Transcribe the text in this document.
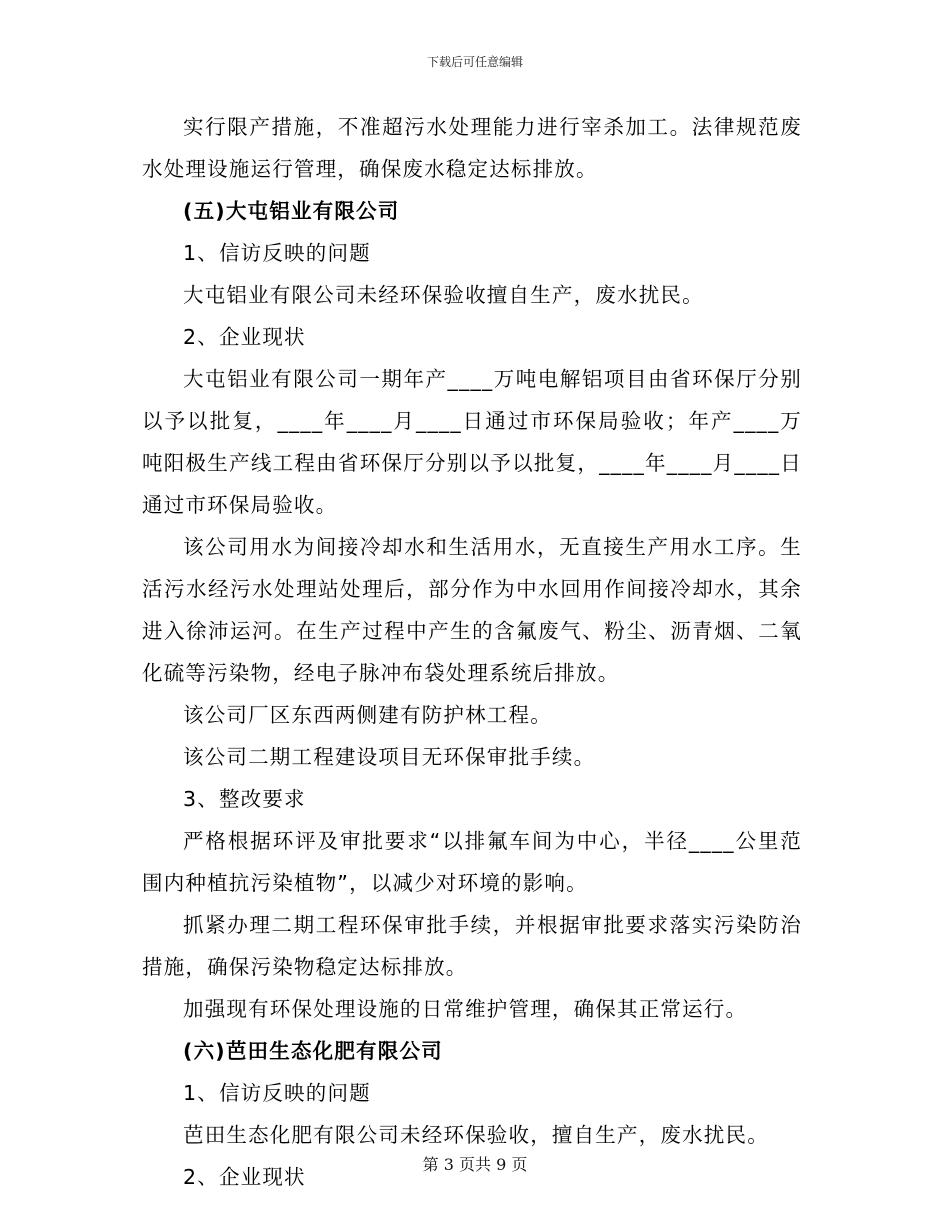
下载后可任意编辑

实行限产措施，不准超污水处理能力进行宰杀加工。法律规范废水处理设施运行管理，确保废水稳定达标排放。

(五)大屯铝业有限公司

1、信访反映的问题

大屯铝业有限公司未经环保验收擅自生产，废水扰民。

2、企业现状

大屯铝业有限公司一期年产____万吨电解铝项目由省环保厅分别以予以批复，____年____月____日通过市环保局验收；年产____万吨阳极生产线工程由省环保厅分别以予以批复，____年____月____日通过市环保局验收。

该公司用水为间接冷却水和生活用水，无直接生产用水工序。生活污水经污水处理站处理后，部分作为中水回用作间接冷却水，其余进入徐沛运河。在生产过程中产生的含氟废气、粉尘、沥青烟、二氧化硫等污染物，经电子脉冲布袋处理系统后排放。

该公司厂区东西两侧建有防护林工程。

该公司二期工程建设项目无环保审批手续。

3、整改要求

严格根据环评及审批要求“以排氟车间为中心，半径____公里范围内种植抗污染植物”，以减少对环境的影响。

抓紧办理二期工程环保审批手续，并根据审批要求落实污染防治措施，确保污染物稳定达标排放。

加强现有环保处理设施的日常维护管理，确保其正常运行。

(六)芭田生态化肥有限公司

1、信访反映的问题

芭田生态化肥有限公司未经环保验收，擅自生产，废水扰民。

2、企业现状

第 3 页共 9 页
